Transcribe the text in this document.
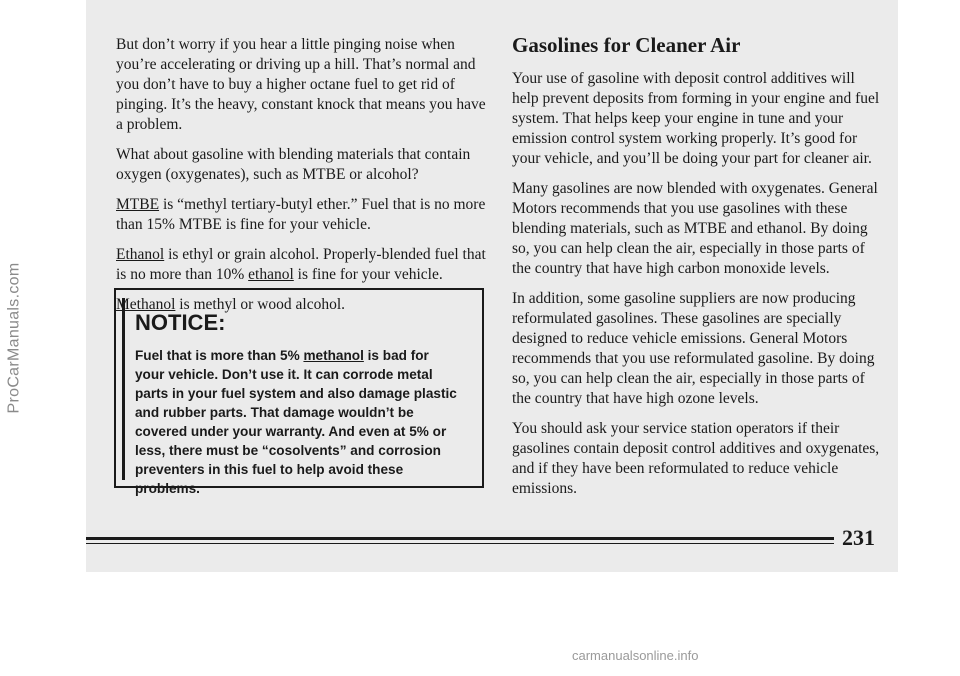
ProCarManuals.com

But don’t worry if you hear a little pinging noise when you’re accelerating or driving up a hill. That’s normal and you don’t have to buy a higher octane fuel to get rid of pinging. It’s the heavy, constant knock that means you have a problem.

What about gasoline with blending materials that contain oxygen (oxygenates), such as MTBE or alcohol?

MTBE is “methyl tertiary-butyl ether.” Fuel that is no more than 15% MTBE is fine for your vehicle.

Ethanol is ethyl or grain alcohol. Properly-blended fuel that is no more than 10% ethanol is fine for your vehicle.

Methanol is methyl or wood alcohol.

NOTICE:

Fuel that is more than 5% methanol is bad for your vehicle. Don’t use it. It can corrode metal parts in your fuel system and also damage plastic and rubber parts. That damage wouldn’t be covered under your warranty. And even at 5% or less, there must be “cosolvents” and corrosion preventers in this fuel to help avoid these problems.

Gasolines for Cleaner Air

Your use of gasoline with deposit control additives will help prevent deposits from forming in your engine and fuel system. That helps keep your engine in tune and your emission control system working properly. It’s good for your vehicle, and you’ll be doing your part for cleaner air.

Many gasolines are now blended with oxygenates. General Motors recommends that you use gasolines with these blending materials, such as MTBE and ethanol. By doing so, you can help clean the air, especially in those parts of the country that have high carbon monoxide levels.

In addition, some gasoline suppliers are now producing reformulated gasolines. These gasolines are specially designed to reduce vehicle emissions. General Motors recommends that you use reformulated gasoline. By doing so, you can help clean the air, especially in those parts of the country that have high ozone levels.

You should ask your service station operators if their gasolines contain deposit control additives and oxygenates, and if they have been reformulated to reduce vehicle emissions.

231
carmanualsonline.info
